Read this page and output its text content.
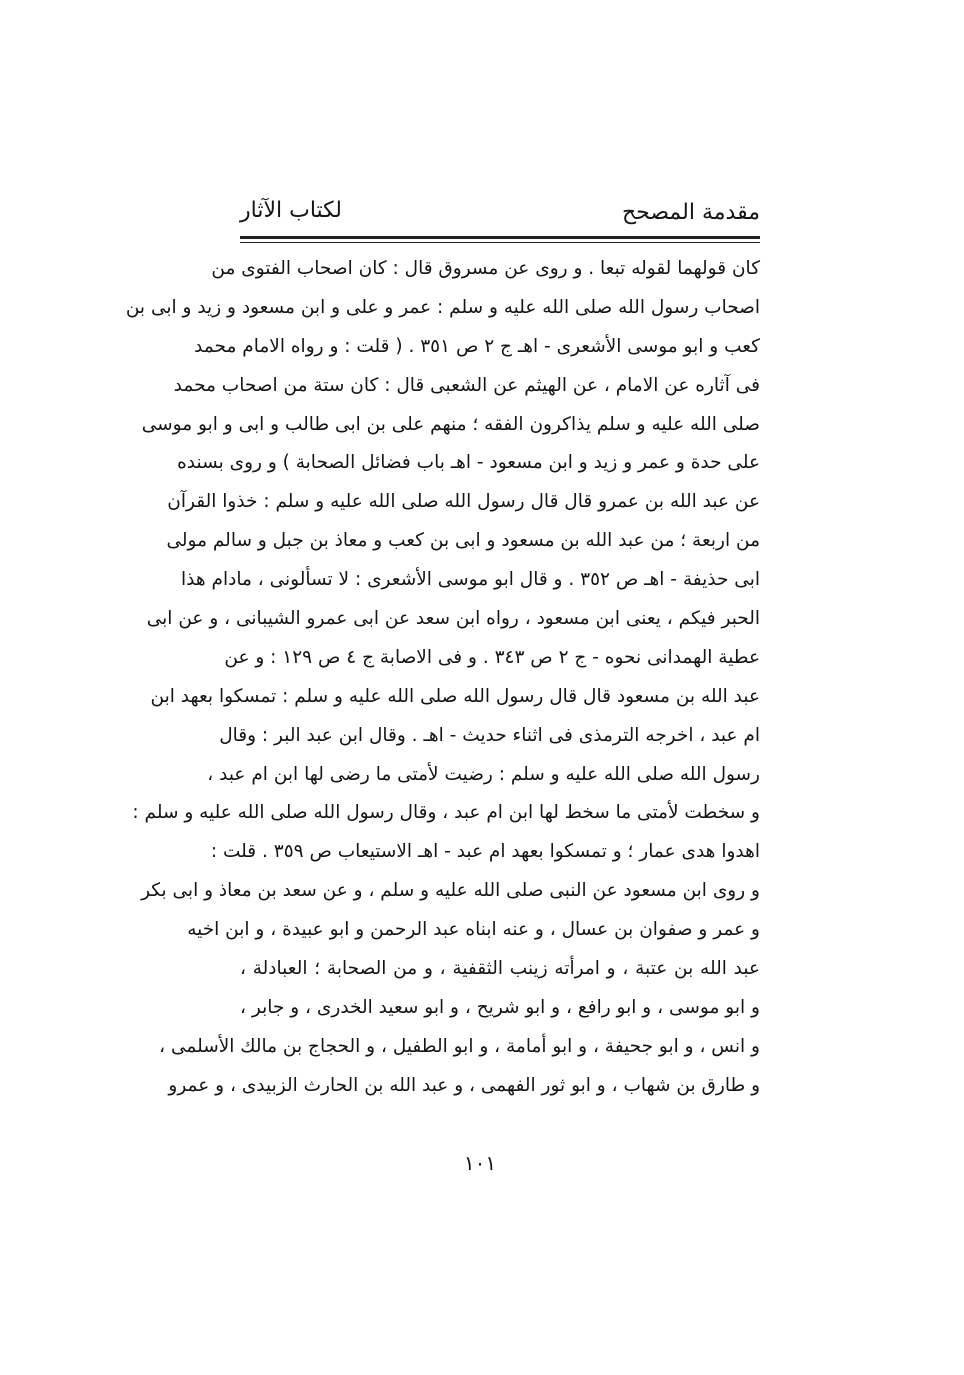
مقدمة المصحح
لكتاب الآثار
كان قولهما لقوله تبعا . و روى عن مسروق قال : كان اصحاب الفتوى من
اصحاب رسول الله صلى الله عليه و سلم : عمر و على و ابن مسعود و زيد و ابى بن
كعب و ابو موسى الأشعرى - اهـ ج ٢ ص ٣٥١ . ( قلت : و رواه الامام محمد
فى آثاره عن الامام ، عن الهيثم عن الشعبى قال : كان ستة من اصحاب محمد
صلى الله عليه و سلم يذاكرون الفقه ؛ منهم على بن ابى طالب و ابى و ابو موسى
على حدة و عمر و زيد و ابن مسعود - اهـ باب فضائل الصحابة ) و روى بسنده
عن عبد الله بن عمرو قال قال رسول الله صلى الله عليه و سلم : خذوا القرآن
من اربعة ؛ من عبد الله بن مسعود و ابى بن كعب و معاذ بن جبل و سالم مولى
ابى حذيفة - اهـ ص ٣٥٢ . و قال ابو موسى الأشعرى : لا تسألونى ، مادام هذا
الحبر فيكم ، يعنى ابن مسعود ، رواه ابن سعد عن ابى عمرو الشيبانى ، و عن ابى
عطية الهمدانى نحوه - ج ٢ ص ٣٤٣ . و فى الاصابة ج ٤ ص ١٢٩ : و عن
عبد الله بن مسعود قال قال رسول الله صلى الله عليه و سلم : تمسكوا بعهد ابن
ام عبد ، اخرجه الترمذى فى اثناء حديث - اهـ . وقال ابن عبد البر : وقال
رسول الله صلى الله عليه و سلم : رضيت لأمتى ما رضى لها ابن ام عبد ،
و سخطت لأمتى ما سخط لها ابن ام عبد ، وقال رسول الله صلى الله عليه و سلم :
اهدوا هدى عمار ؛ و تمسكوا بعهد ام عبد - اهـ الاستيعاب ص ٣٥٩ . قلت :
و روى ابن مسعود عن النبى صلى الله عليه و سلم ، و عن سعد بن معاذ و ابى بكر
و عمر و صفوان بن عسال ، و عنه ابناه عبد الرحمن و ابو عبيدة ، و ابن اخيه
عبد الله بن عتبة ، و امرأته زينب الثقفية ، و من الصحابة ؛ العبادلة ،
و ابو موسى ، و ابو رافع ، و ابو شريح ، و ابو سعيد الخدرى ، و جابر ،
و انس ، و ابو جحيفة ، و ابو أمامة ، و ابو الطفيل ، و الحجاج بن مالك الأسلمى ،
و طارق بن شهاب ، و ابو ثور الفهمى ، و عبد الله بن الحارث الزبيدى ، و عمرو
١٠١
